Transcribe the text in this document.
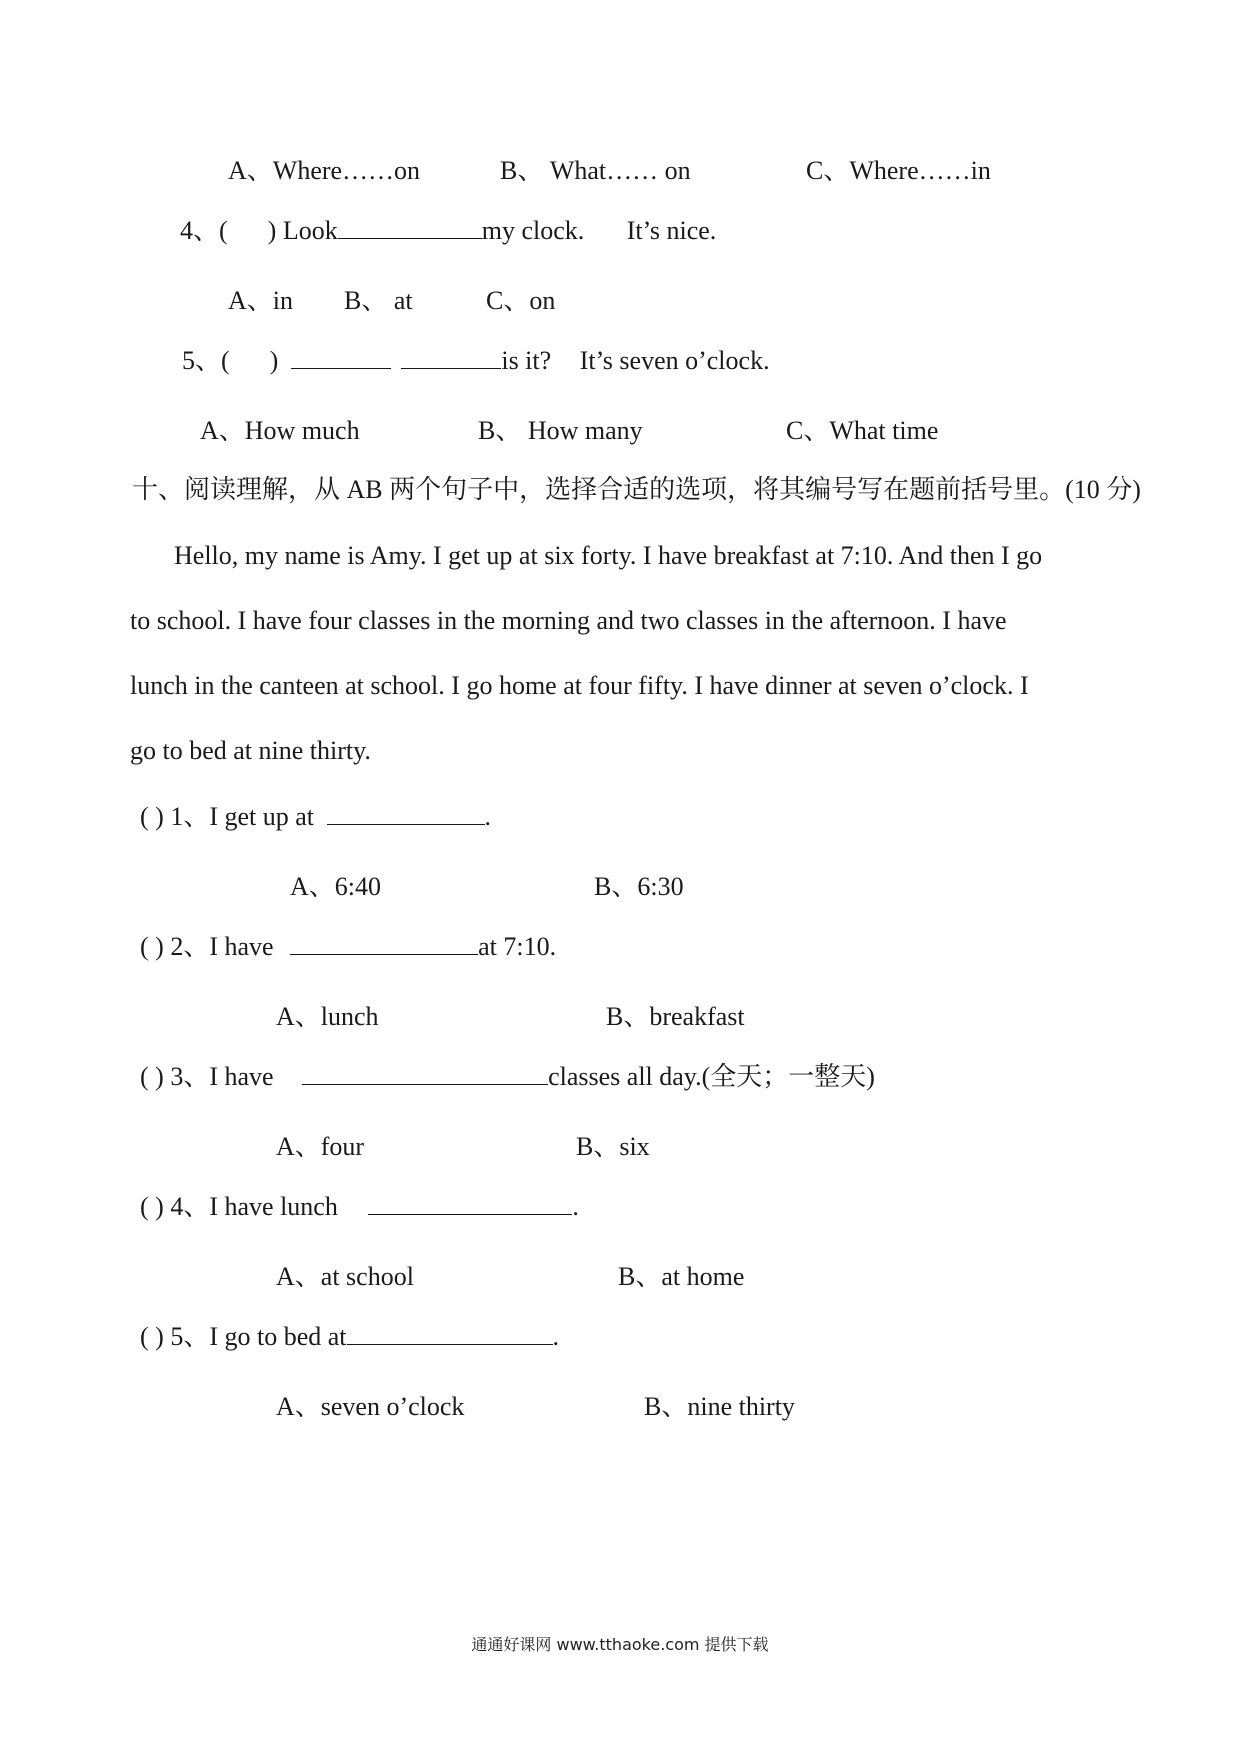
A、Where……on	B、 What…… on	C、Where……in
4、( ) Look	my clock. It’s nice.
A、in B、 at	C、on
5、( )	is it? It’s seven o’clock.
A、How much	B、 How many	C、What time
十、阅读理解，从 AB 两个句子中，选择合适的选项，将其编号写在题前括号里。(10 分)
Hello, my name is Amy. I get up at six forty. I have breakfast at 7:10. And then I go
to school. I have four classes in the morning and two classes in the afternoon. I have
lunch in the canteen at school. I go home at four fifty. I have dinner at seven o’clock. I
go to bed at nine thirty.
( ) 1、I get up at	.
A、6:40	B、6:30
( ) 2、I have	at 7:10.
A、lunch	B、breakfast
( ) 3、I have	classes all day.(全天；一整天)
A、four	B、six
( ) 4、I have lunch	.
A、at school	B、at home
( ) 5、I go to bed at	.
A、seven o’clock	B、nine thirty
通通好课网 www.tthaoke.com 提供下载
